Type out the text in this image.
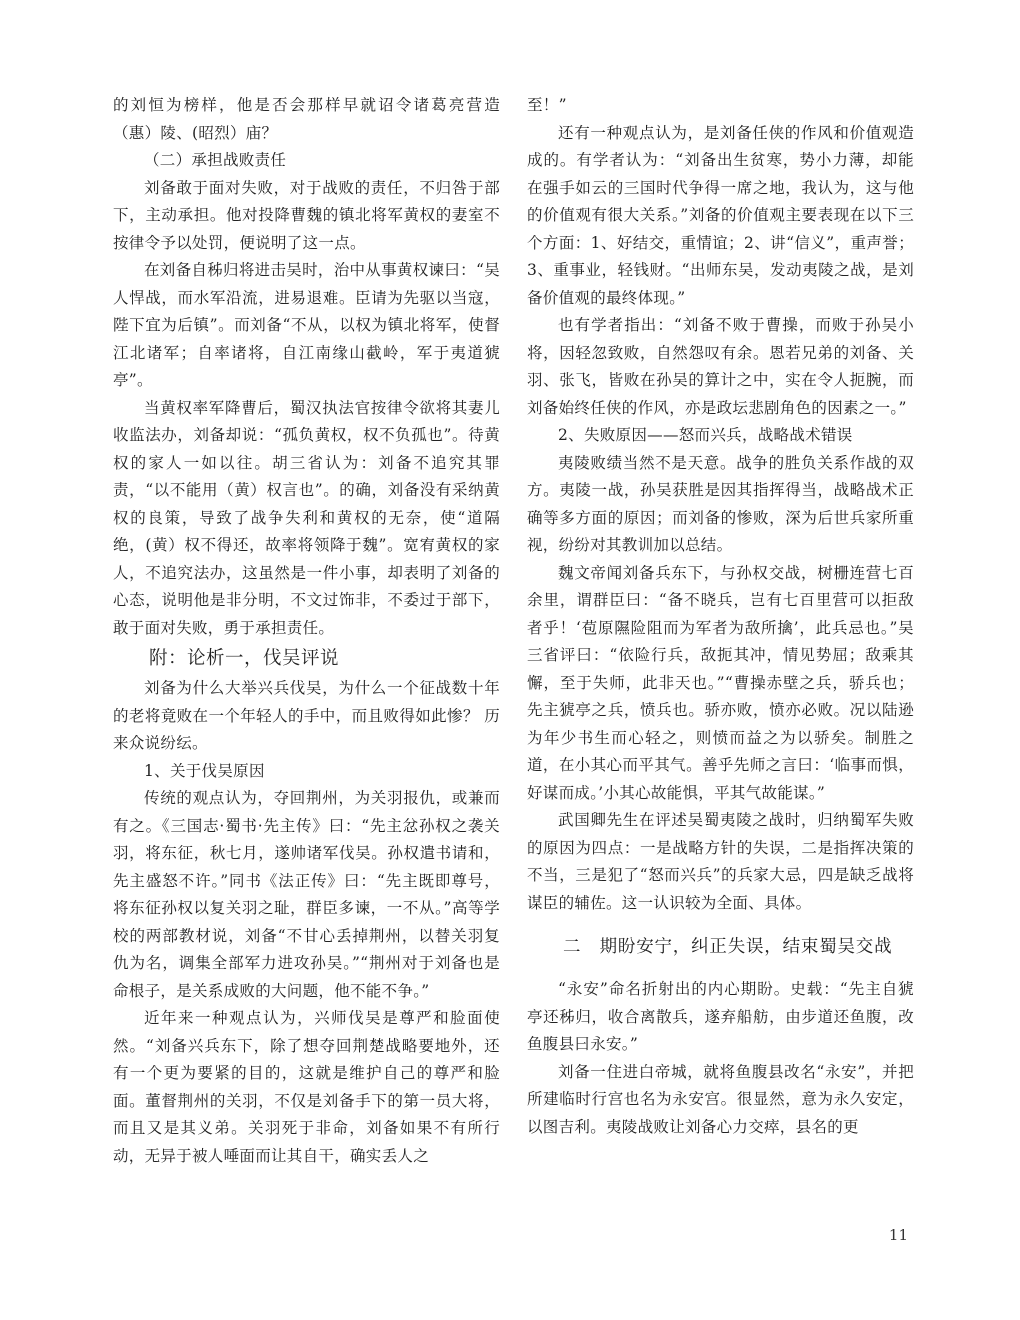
的刘恒为榜样，他是否会那样早就诏令诸葛亮营造（惠）陵、(昭烈）庙？

（二）承担战败责任

刘备敢于面对失败，对于战败的责任，不归咎于部下，主动承担。他对投降曹魏的镇北将军黄权的妻室不按律令予以处罚，便说明了这一点。

在刘备自秭归将进击吴时，治中从事黄权谏曰：“吴人悍战，而水军沿流，进易退难。臣请为先驱以当寇，陛下宜为后镇”。而刘备“不从，以权为镇北将军，使督江北诸军；自率诸将，自江南缘山截岭，军于夷道猇亭”。

当黄权率军降曹后，蜀汉执法官按律令欲将其妻儿收监法办，刘备却说：“孤负黄权，权不负孤也”。待黄权的家人一如以往。胡三省认为：刘备不追究其罪责，“以不能用（黄）权言也”。的确，刘备没有采纳黄权的良策，导致了战争失利和黄权的无奈，使“道隔绝，(黄）权不得还，故率将领降于魏”。宽宥黄权的家人，不追究法办，这虽然是一件小事，却表明了刘备的心态，说明他是非分明，不文过饰非，不委过于部下，敢于面对失败，勇于承担责任。

附：论析一，伐吴评说

刘备为什么大举兴兵伐吴，为什么一个征战数十年的老将竟败在一个年轻人的手中，而且败得如此惨？ 历来众说纷纭。

1、关于伐吴原因

传统的观点认为，夺回荆州，为关羽报仇，或兼而有之。《三国志·蜀书·先主传》曰：“先主忿孙权之袭关羽，将东征，秋七月，遂帅诸军伐吴。孙权遣书请和，先主盛怒不许。”同书《法正传》曰：“先主既即尊号，将东征孙权以复关羽之耻，群臣多谏，一不从。”高等学校的两部教材说，刘备“不甘心丢掉荆州，以替关羽复仇为名，调集全部军力进攻孙吴。”“荆州对于刘备也是命根子，是关系成败的大问题，他不能不争。”

近年来一种观点认为，兴师伐吴是尊严和脸面使然。“刘备兴兵东下，除了想夺回荆楚战略要地外，还有一个更为要紧的目的，这就是维护自己的尊严和脸面。董督荆州的关羽，不仅是刘备手下的第一员大将，而且又是其义弟。关羽死于非命，刘备如果不有所行动，无异于被人唾面而让其自干，确实丢人之

至！”

还有一种观点认为，是刘备任侠的作风和价值观造成的。有学者认为：“刘备出生贫寒，势小力薄，却能在强手如云的三国时代争得一席之地，我认为，这与他的价值观有很大关系。”刘备的价值观主要表现在以下三个方面：1、好结交，重情谊；2、讲“信义”，重声誉；3、重事业，轻钱财。“出师东吴，发动夷陵之战，是刘备价值观的最终体现。”

也有学者指出：“刘备不败于曹操，而败于孙吴小将，因轻忽致败，自然怨叹有余。恩若兄弟的刘备、关羽、张飞，皆败在孙吴的算计之中，实在令人扼腕，而刘备始终任侠的作风，亦是政坛悲剧角色的因素之一。”

2、失败原因——怒而兴兵，战略战术错误

夷陵败绩当然不是天意。战争的胜负关系作战的双方。夷陵一战，孙吴获胜是因其指挥得当，战略战术正确等多方面的原因；而刘备的惨败，深为后世兵家所重视，纷纷对其教训加以总结。

魏文帝闻刘备兵东下，与孙权交战，树栅连营七百余里，谓群臣曰：“备不晓兵，岂有七百里营可以拒敌者乎！‘苞原隰险阻而为军者为敌所擒’，此兵忌也。”吴三省评曰：“依险行兵，敌扼其冲，情见势屈；敌乘其懈，至于失师，此非天也。”“曹操赤壁之兵，骄兵也；先主猇亭之兵，愤兵也。骄亦败，愤亦必败。况以陆逊为年少书生而心轻之，则愤而益之为以骄矣。制胜之道，在小其心而平其气。善乎先师之言曰：‘临事而惧，好谋而成。’小其心故能惧，平其气故能谋。”

武国卿先生在评述吴蜀夷陵之战时，归纳蜀军失败的原因为四点：一是战略方针的失误，二是指挥决策的不当，三是犯了“怒而兴兵”的兵家大忌，四是缺乏战将谋臣的辅佐。这一认识较为全面、具体。

二　期盼安宁，纠正失误，结束蜀吴交战

“永安”命名折射出的内心期盼。史载：“先主自猇亭还秭归，收合离散兵，遂弃船舫，由步道还鱼腹，改鱼腹县曰永安。”

刘备一住进白帝城，就将鱼腹县改名“永安”，并把所建临时行宫也名为永安宫。很显然，意为永久安定，以图吉利。夷陵战败让刘备心力交瘁，县名的更

11
